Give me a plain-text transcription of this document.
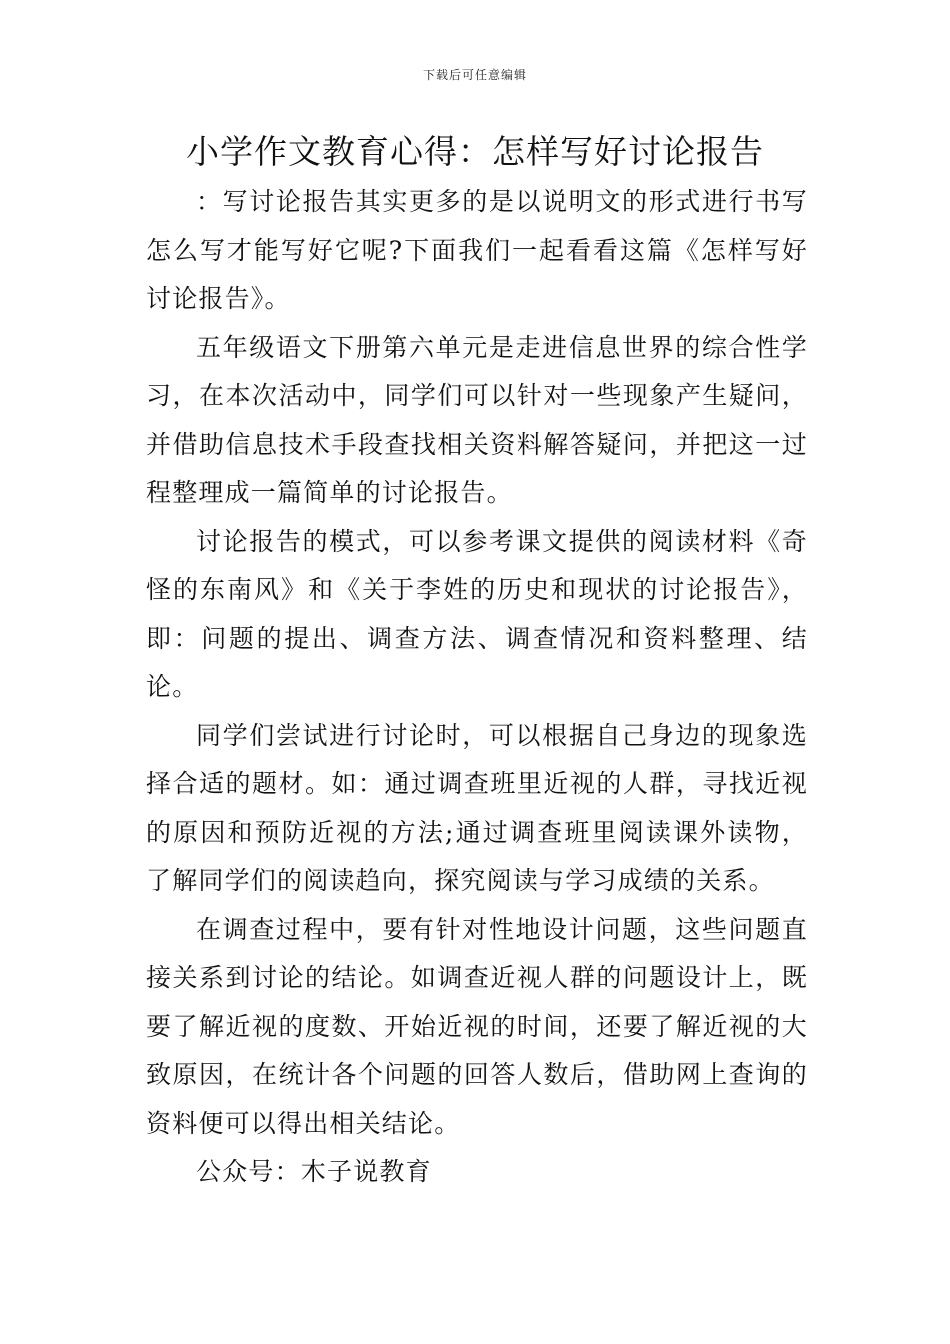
下载后可任意编辑
小学作文教育心得：怎样写好讨论报告

：写讨论报告其实更多的是以说明文的形式进行书写怎么写才能写好它呢?下面我们一起看看这篇《怎样写好讨论报告》。

五年级语文下册第六单元是走进信息世界的综合性学习，在本次活动中，同学们可以针对一些现象产生疑问，并借助信息技术手段查找相关资料解答疑问，并把这一过程整理成一篇简单的讨论报告。

讨论报告的模式，可以参考课文提供的阅读材料《奇怪的东南风》和《关于李姓的历史和现状的讨论报告》，即：问题的提出、调查方法、调查情况和资料整理、结论。

同学们尝试进行讨论时，可以根据自己身边的现象选择合适的题材。如：通过调查班里近视的人群，寻找近视的原因和预防近视的方法;通过调查班里阅读课外读物，了解同学们的阅读趋向，探究阅读与学习成绩的关系。

在调查过程中，要有针对性地设计问题，这些问题直接关系到讨论的结论。如调查近视人群的问题设计上，既要了解近视的度数、开始近视的时间，还要了解近视的大致原因，在统计各个问题的回答人数后，借助网上查询的资料便可以得出相关结论。

公众号：木子说教育
